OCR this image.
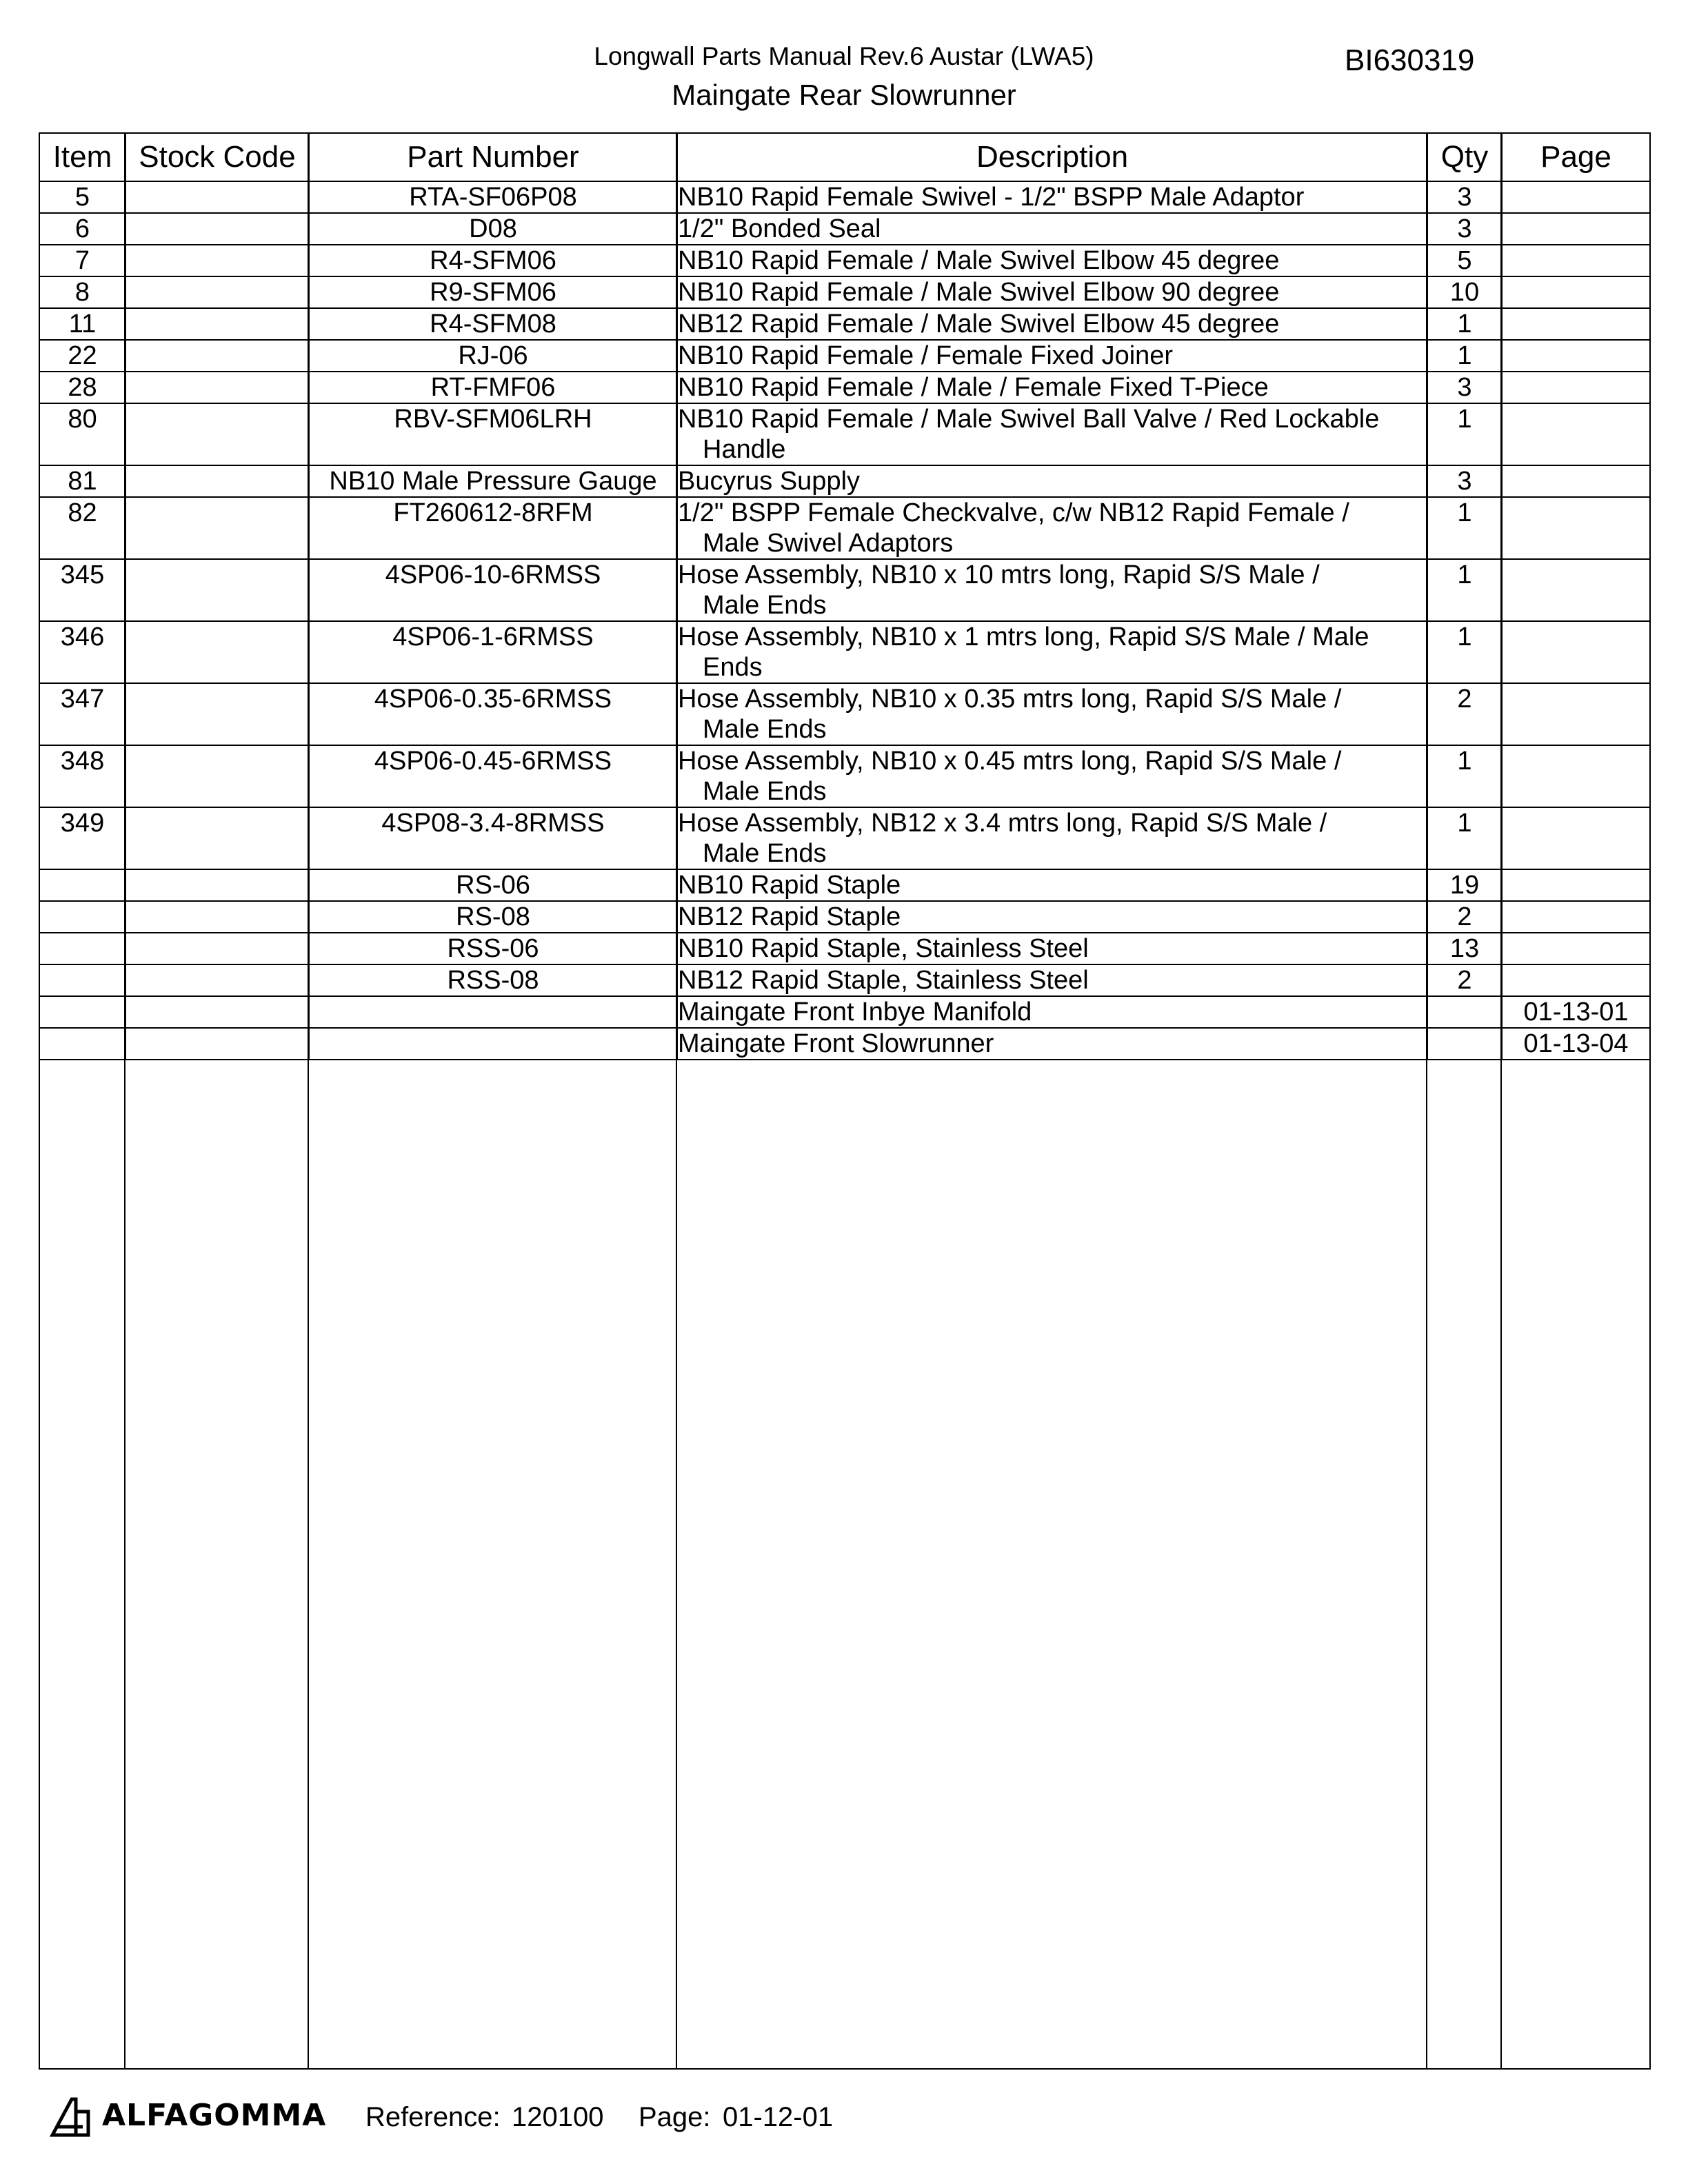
Longwall Parts Manual Rev.6 Austar (LWA5)
Maingate Rear Slowrunner
BI630319
Item	Stock Code	Part Number	Description	Qty	Page
5		RTA-SF06P08	NB10 Rapid Female Swivel - 1/2" BSPP Male Adaptor	3	
6		D08	1/2" Bonded Seal	3	
7		R4-SFM06	NB10 Rapid Female / Male Swivel Elbow 45 degree	5	
8		R9-SFM06	NB10 Rapid Female / Male Swivel Elbow 90 degree	10	
11		R4-SFM08	NB12 Rapid Female / Male Swivel Elbow 45 degree	1	
22		RJ-06	NB10 Rapid Female / Female Fixed Joiner	1	
28		RT-FMF06	NB10 Rapid Female / Male / Female Fixed T-Piece	3	
80		RBV-SFM06LRH	NB10 Rapid Female / Male Swivel Ball Valve / Red Lockable
Handle	1	
81		NB10 Male Pressure Gauge	Bucyrus Supply	3	
82		FT260612-8RFM	1/2" BSPP Female Checkvalve, c/w NB12 Rapid Female /
Male Swivel Adaptors	1	
345		4SP06-10-6RMSS	Hose Assembly, NB10 x 10 mtrs long, Rapid S/S Male /
Male Ends	1	
346		4SP06-1-6RMSS	Hose Assembly, NB10 x 1 mtrs long, Rapid S/S Male / Male
Ends	1	
347		4SP06-0.35-6RMSS	Hose Assembly, NB10 x 0.35 mtrs long, Rapid S/S Male /
Male Ends	2	
348		4SP06-0.45-6RMSS	Hose Assembly, NB10 x 0.45 mtrs long, Rapid S/S Male /
Male Ends	1	
349		4SP08-3.4-8RMSS	Hose Assembly, NB12 x 3.4 mtrs long, Rapid S/S Male /
Male Ends	1	
		RS-06	NB10 Rapid Staple	19	
		RS-08	NB12 Rapid Staple	2	
		RSS-06	NB10 Rapid Staple, Stainless Steel	13	
		RSS-08	NB12 Rapid Staple, Stainless Steel	2	
			Maingate Front Inbye Manifold		01-13-01
			Maingate Front Slowrunner		01-13-04
ALFAGOMMA Reference: 120100 Page: 01-12-01
